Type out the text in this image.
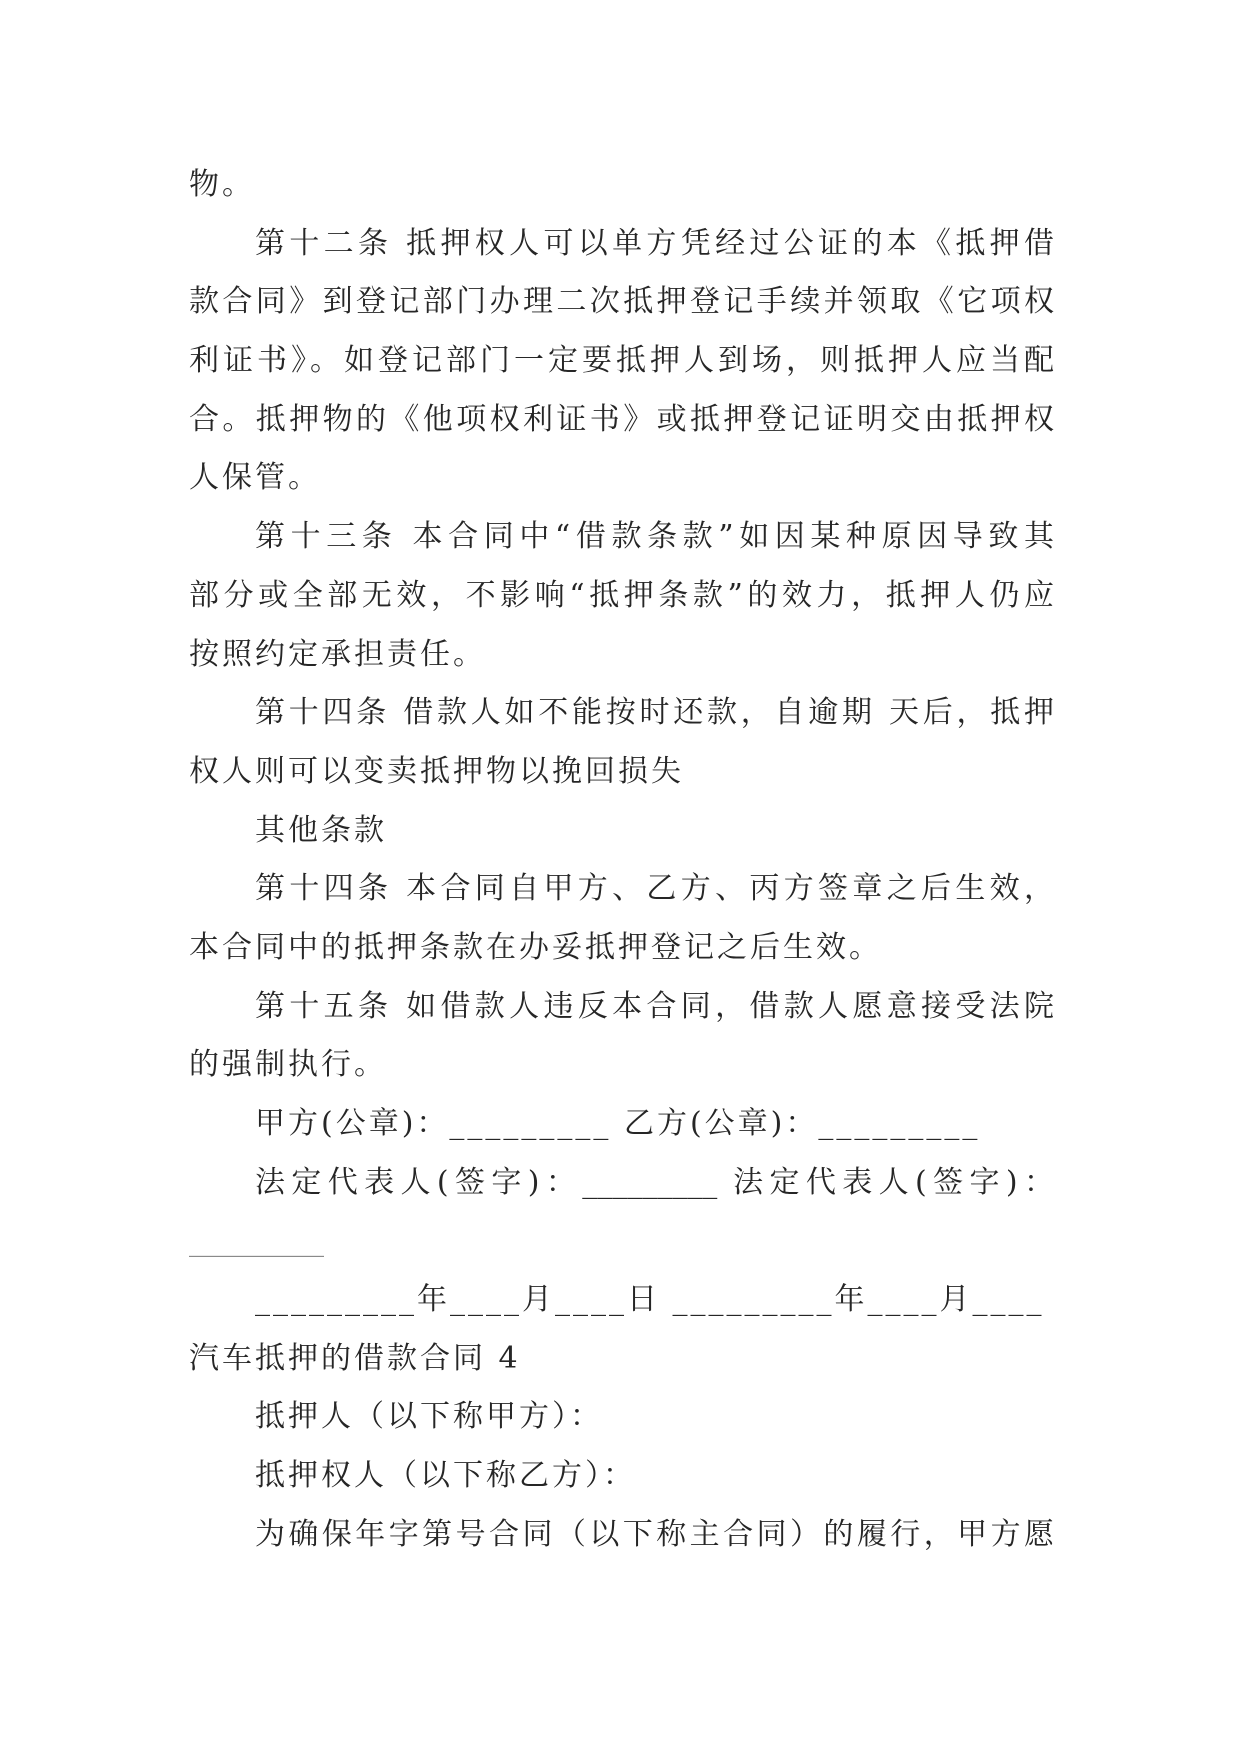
物。
第十二条 抵押权人可以单方凭经过公证的本《抵押借
款合同》到登记部门办理二次抵押登记手续并领取《它项权
利证书》。如登记部门一定要抵押人到场，则抵押人应当配
合。抵押物的《他项权利证书》或抵押登记证明交由抵押权
人保管。
第十三条 本合同中“借款条款”如因某种原因导致其
部分或全部无效，不影响“抵押条款”的效力，抵押人仍应
按照约定承担责任。
第十四条 借款人如不能按时还款，自逾期 天后，抵押
权人则可以变卖抵押物以挽回损失
其他条款
第十四条 本合同自甲方、乙方、丙方签章之后生效，
本合同中的抵押条款在办妥抵押登记之后生效。
第十五条 如借款人违反本合同，借款人愿意接受法院
的强制执行。
甲方(公章)：_________ 乙方(公章)：_________
法定代表人(签字)：_________ 法定代表人(签字)：
_________
_________年____月____日 _________年____月____
汽车抵押的借款合同 4
抵押人（以下称甲方）：
抵押权人（以下称乙方）：
为确保年字第号合同（以下称主合同）的履行，甲方愿
